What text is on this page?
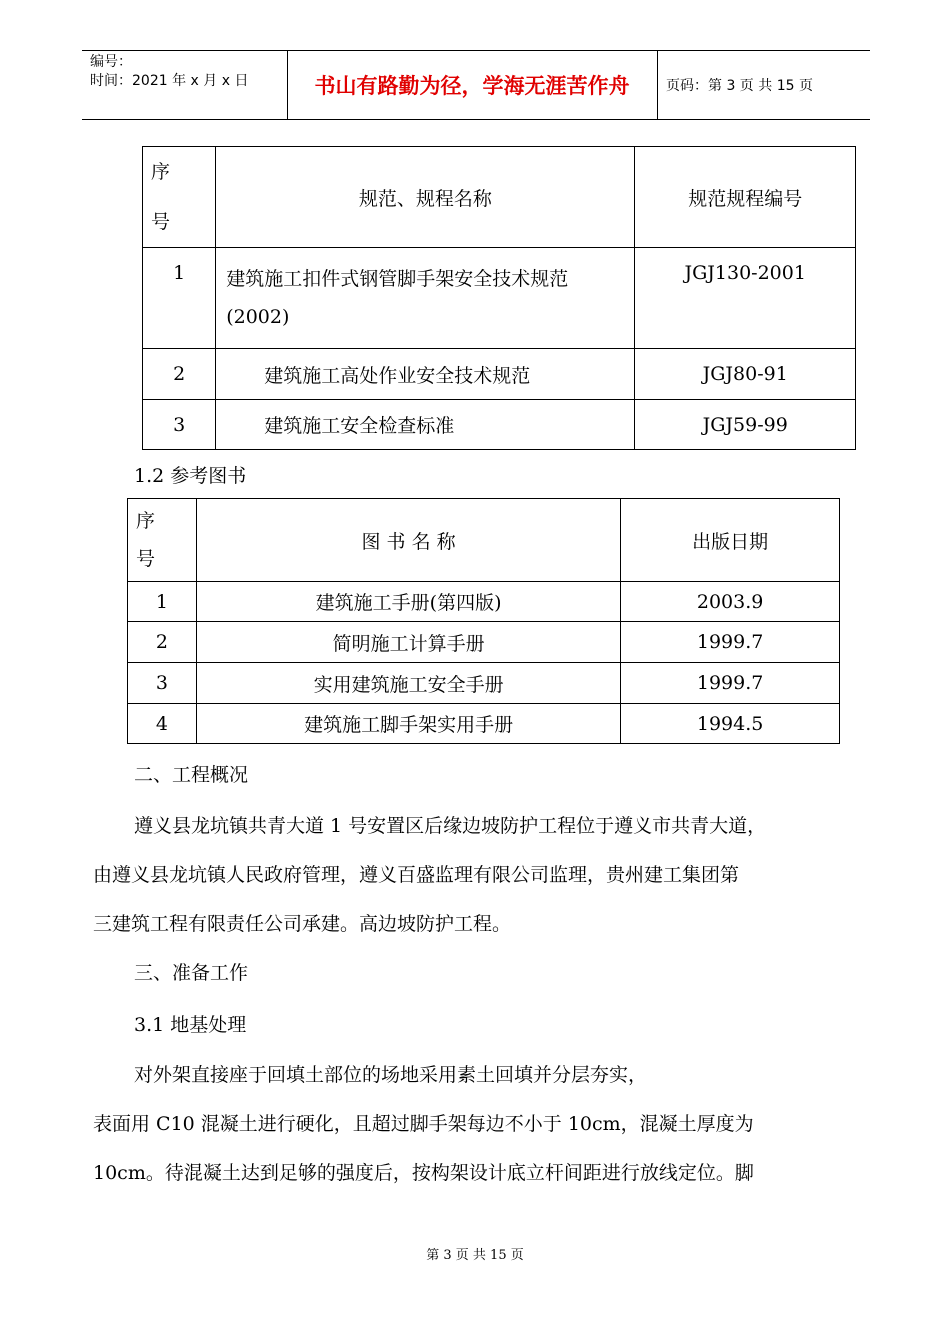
编号：
时间：2021 年 x 月 x 日	书山有路勤为径，学海无涯苦作舟	页码：第 3 页 共 15 页
序
号	规范、规程名称	规范规程编号
1	建筑施工扣件式钢管脚手架安全技术规范(2002)	JGJ130-2001
2	建筑施工高处作业安全技术规范	JGJ80-91
3	建筑施工安全检查标准	JGJ59-99
1.2 参考图书
序
号	图 书 名 称	出版日期
1	建筑施工手册(第四版)	2003.9
2	简明施工计算手册	1999.7
3	实用建筑施工安全手册	1999.7
4	建筑施工脚手架实用手册	1994.5
二、工程概况
遵义县龙坑镇共青大道 1 号安置区后缘边坡防护工程位于遵义市共青大道，
由遵义县龙坑镇人民政府管理，遵义百盛监理有限公司监理，贵州建工集团第
三建筑工程有限责任公司承建。高边坡防护工程。
三、准备工作
3.1 地基处理
对外架直接座于回填土部位的场地采用素土回填并分层夯实，
表面用 C10 混凝土进行硬化，且超过脚手架每边不小于 10cm，混凝土厚度为
10cm。待混凝土达到足够的强度后，按构架设计底立杆间距进行放线定位。脚
第 3 页 共 15 页
